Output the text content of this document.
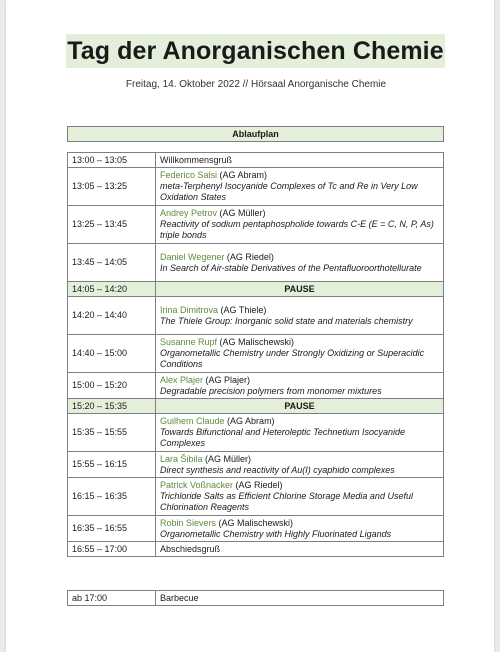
Tag der Anorganischen Chemie
Freitag, 14. Oktober 2022 // Hörsaal Anorganische Chemie
Ablaufplan
13:00 – 13:05	Willkommensgruß
13:05 – 13:25	Federico Salsi (AG Abram)
meta-Terphenyl Isocyanide Complexes of Tc and Re in Very Low Oxidation States

13:25 – 13:45	Andrey Petrov (AG Müller)
Reactivity of sodium pentaphospholide towards C-E (E = C, N, P, As) triple bonds

13:45 – 14:05	Daniel Wegener (AG Riedel)
In Search of Air-stable Derivatives of the Pentafluoroorthotellurate

14:05 – 14:20	PAUSE
14:20 – 14:40	Irina Dimitrova (AG Thiele)
The Thiele Group: Inorganic solid state and materials chemistry

14:40 – 15:00	Susanne Rupf (AG Malischewski)
Organometallic Chemistry under Strongly Oxidizing or Superacidic Conditions

15:00 – 15:20	Alex Plajer (AG Plajer)
Degradable precision polymers from monomer mixtures

15:20 – 15:35	PAUSE
15:35 – 15:55	Guilhem Claude (AG Abram)
Towards Bifunctional and Heteroleptic Technetium Isocyanide Complexes

15:55 – 16:15	Lara Šibila (AG Müller)
Direct synthesis and reactivity of Au(I) cyaphido complexes

16:15 – 16:35	Patrick Voßnacker (AG Riedel)
Trichloride Salts as Efficient Chlorine Storage Media and Useful Chlorination Reagents

16:35 – 16:55	Robin Sievers (AG Malischewski)
Organometallic Chemistry with Highly Fluorinated Ligands

16:55 – 17:00	Abschiedsgruß
ab 17:00	Barbecue
